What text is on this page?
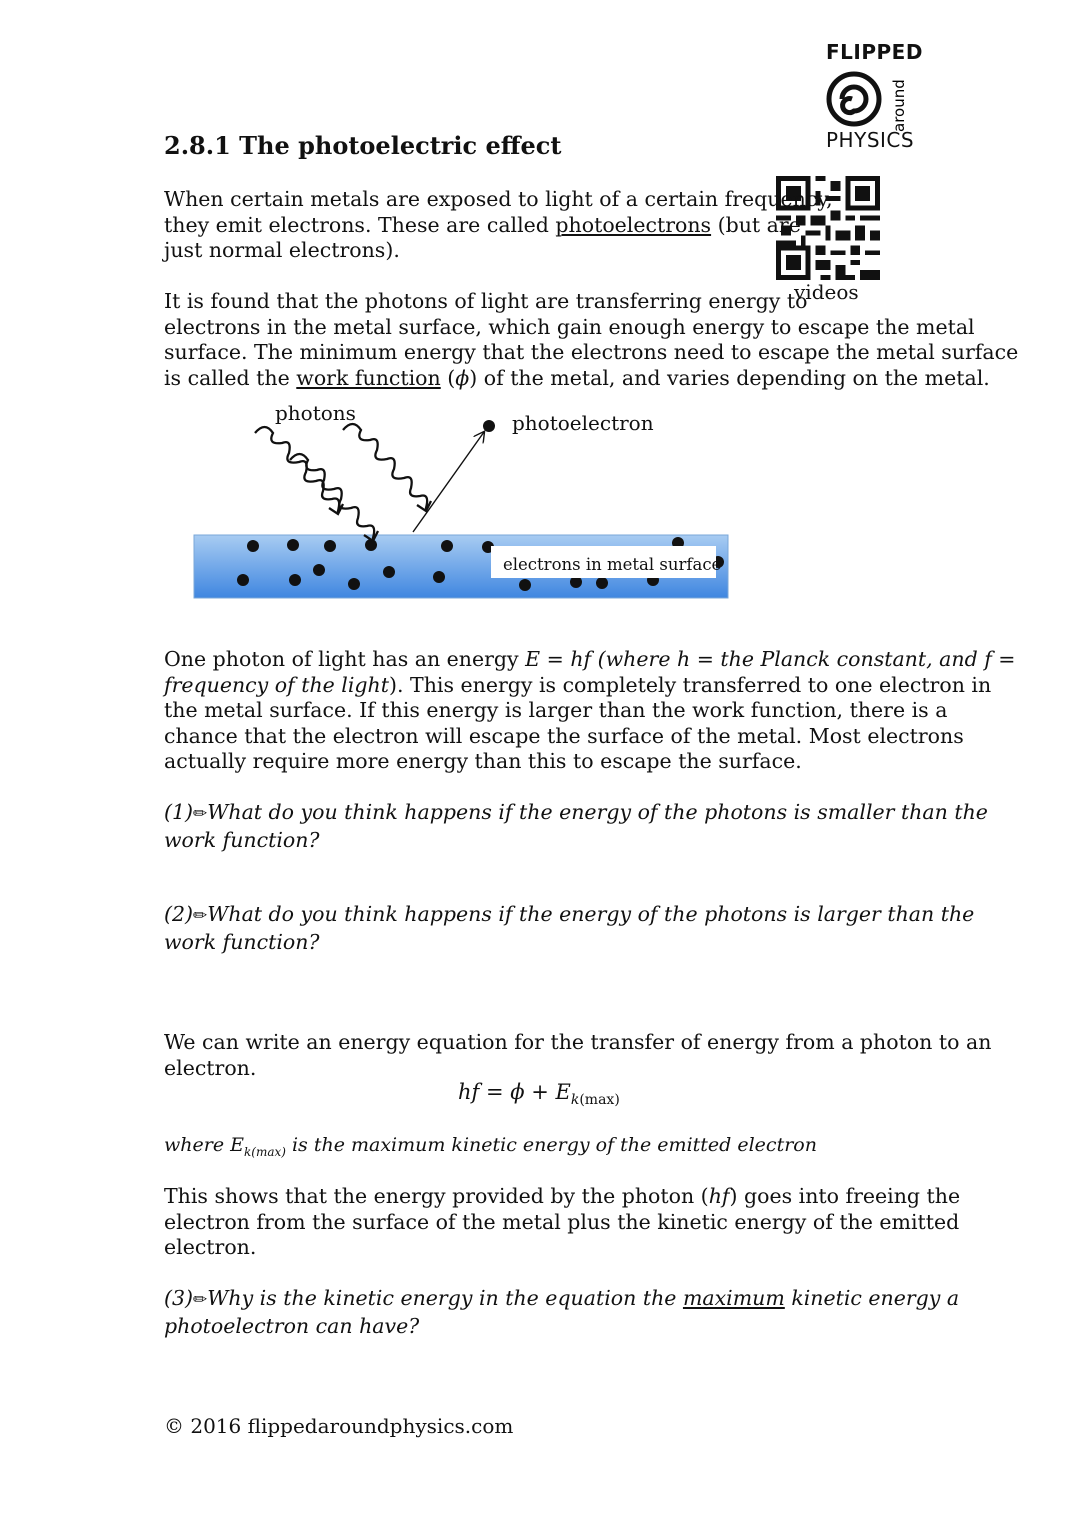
FLIPPED
around
PHYSICS
2.8.1 The photoelectric effect
videos
When certain metals are exposed to light of a certain frequency,
they emit electrons. These are called photoelectrons (but are
just normal electrons).
It is found that the photons of light are transferring energy to
electrons in the metal surface, which gain enough energy to escape the metal
surface. The minimum energy that the electrons need to escape the metal surface
is called the work function (ϕ) of the metal, and varies depending on the metal.
electrons in metal surface
photons	photoelectron
One photon of light has an energy E = hf (where h = the Planck constant, and f =
frequency of the light). This energy is completely transferred to one electron in
the metal surface. If this energy is larger than the work function, there is a
chance that the electron will escape the surface of the metal. Most electrons
actually require more energy than this to escape the surface.
(1)✏What do you think happens if the energy of the photons is smaller than the
work function?
(2)✏What do you think happens if the energy of the photons is larger than the
work function?
We can write an energy equation for the transfer of energy from a photon to an
electron.
hf = $\phi + E_{k(max)}$
where $E_{k(max)}$ is the maximum kinetic energy of the emitted electron
This shows that the energy provided by the photon (hf) goes into freeing the
electron from the surface of the metal plus the kinetic energy of the emitted
electron.
(3)✏Why is the kinetic energy in the equation the maximum kinetic energy a
photoelectron can have?
© 2016 flippedaroundphysics.com
